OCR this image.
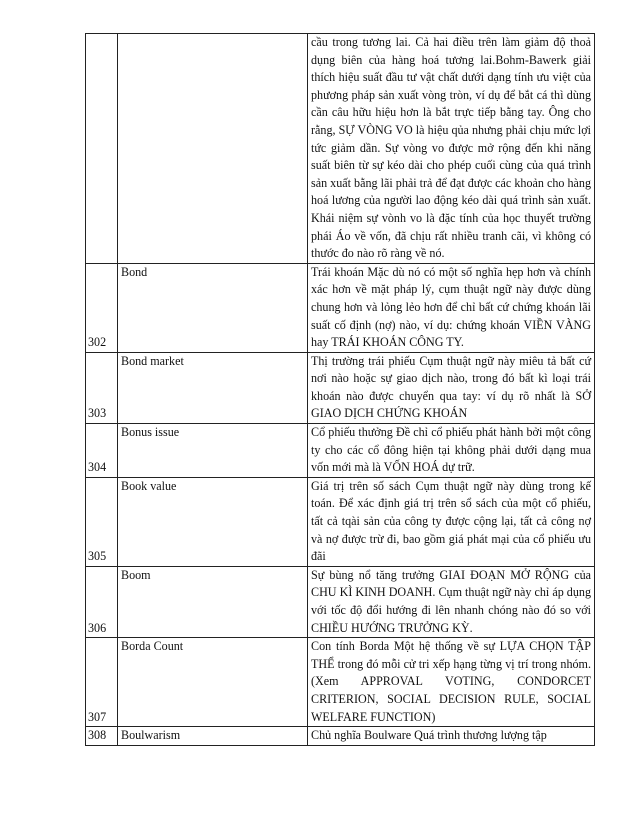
		cầu trong tương lai. Cả hai điều trên làm giảm độ thoả dụng biên của hàng hoá tương lai.Bohm-Bawerk giải thích hiệu suất đầu tư vật chất dưới dạng tính ưu việt của phương pháp sản xuất vòng tròn, ví dụ để bắt cá thì dùng cần câu hữu hiệu hơn là bắt trực tiếp bằng tay. Ông cho rằng, SỰ VÒNG VO là hiệu qủa nhưng phải chịu mức lợi tức giảm dần. Sự vòng vo được mở rộng đến khi năng suất biên từ sự kéo dài cho phép cuối cùng của quá trình sản xuất bằng lãi phải trả để đạt được các khoản cho hàng hoá lương của người lao động kéo dài quá trình sản xuất. Khái niệm sự vònh vo là đặc tính của học thuyết trường phái Áo về vốn, đã chịu rất nhiều tranh cãi, vì không có thước đo nào rõ ràng về nó.
302	Bond	Trái khoán Mặc dù nó có một số nghĩa hẹp hơn và chính xác hơn về mặt pháp lý, cụm thuật ngữ này được dùng chung hơn và lỏng lẻo hơn để chỉ bất cứ chứng khoán lãi suất cố định (nợ) nào, ví dụ: chứng khoán VIỀN VÀNG hay TRÁI KHOÁN CÔNG TY.
303	Bond market	Thị trường trái phiếu Cụm thuật ngữ này miêu tả bất cứ nơi nào hoặc sự giao dịch nào, trong đó bất kì loại trái khoán nào được chuyển qua tay: ví dụ rõ nhất là SỞ GIAO DỊCH CHỨNG KHOÁN
304	Bonus issue	Cổ phiếu thưởng Đề chỉ cổ phiếu phát hành bởi một công ty cho các cổ đông hiện tại không phải dưới dạng mua vốn mới mà là VỐN HOÁ dự trữ.
305	Book value	Giá trị trên số sách Cụm thuật ngữ này dùng trong kế toán. Để xác định giá trị trên sổ sách của một cổ phiếu, tất cả tqài sản của công ty được cộng lại, tất cả công nợ và nợ được trừ đi, bao gồm giá phát mại của cổ phiếu ưu đãi
306	Boom	Sự bùng nổ tăng trưởng GIAI ĐOẠN MỞ RỘNG của CHU KÌ KINH DOANH. Cụm thuật ngữ này chỉ áp dụng với tốc độ đổi hướng đi lên nhanh chóng nào đó so với CHIỀU HƯỚNG TRƯỞNG KỲ.
307	Borda Count	Con tính Borda Một hệ thống về sự LỰA CHỌN TẬP THỂ trong đó mỗi cử tri xếp hạng từng vị trí trong nhóm.(Xem APPROVAL VOTING, CONDORCET CRITERION, SOCIAL DECISION RULE, SOCIAL WELFARE FUNCTION)
308	Boulwarism	Chủ nghĩa Boulware Quá trình thương lượng tập
